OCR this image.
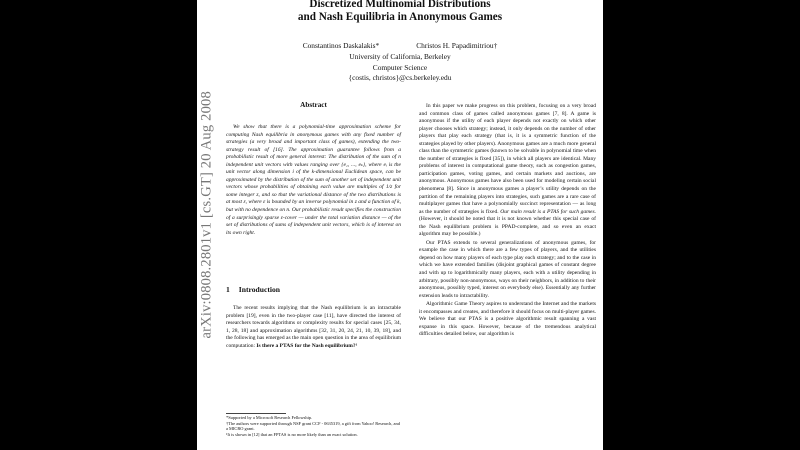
arXiv:0808.2801v1 [cs.GT] 20 Aug 2008
Discretized Multinomial Distributions
and Nash Equilibria in Anonymous Games
Constantinos Daskalakis*                    Christos H. Papadimitriou†
University of California, Berkeley
Computer Science
{costis, christos}@cs.berkeley.edu
Abstract

We show that there is a polynomial-time approximation scheme for computing Nash equilibria in anonymous games with any fixed number of strategies (a very broad and important class of games), extending the two-strategy result of [16]. The approximation guarantee follows from a probabilistic result of more general interest: The distribution of the sum of n independent unit vectors with values ranging over {e₁, ..., eₖ}, where eᵢ is the unit vector along dimension i of the k-dimensional Euclidean space, can be approximated by the distribution of the sum of another set of independent unit vectors whose probabilities of obtaining each value are multiples of 1/z for some integer z, and so that the variational distance of the two distributions is at most ε, where ε is bounded by an inverse polynomial in z and a function of k, but with no dependence on n. Our probabilistic result specifies the construction of a surprisingly sparse ε-cover — under the total variation distance — of the set of distributions of sums of independent unit vectors, which is of interest on its own right.

1 Introduction

The recent results implying that the Nash equilibrium is an intractable problem [19], even in the two-player case [11], have directed the interest of researchers towards algorithms or complexity results for special cases [25, 34, 1, 28, 18] and approximation algorithms [32, 31, 20, 24, 21, 10, 39, 18], and the following has emerged as the main open question in the area of equilibrium computation: Is there a PTAS for the Nash equilibrium?¹

*Supported by a Microsoft Research Fellowship.
†The authors were supported through NSF grant CCF - 0635319, a gift from Yahoo! Research, and a MICRO grant.
¹It is shown in [12] that an FPTAS is no more likely than an exact solution.

In this paper we make progress on this problem, focusing on a very broad and common class of games called anonymous games [7, 8]. A game is anonymous if the utility of each player depends not exactly on which other player chooses which strategy; instead, it only depends on the number of other players that play each strategy (that is, it is a symmetric function of the strategies played by other players). Anonymous games are a much more general class than the symmetric games (known to be solvable in polynomial time when the number of strategies is fixed [35]), in which all players are identical. Many problems of interest in computational game theory, such as congestion games, participation games, voting games, and certain markets and auctions, are anonymous. Anonymous games have also been used for modeling certain social phenomena [8]. Since in anonymous games a player’s utility depends on the partition of the remaining players into strategies, such games are a rare case of multiplayer games that have a polynomially succinct representation — as long as the number of strategies is fixed. Our main result is a PTAS for such games. (However, it should be noted that it is not known whether this special case of the Nash equilibrium problem is PPAD-complete, and so even an exact algorithm may be possible.)

Our PTAS extends to several generalizations of anonymous games, for example the case in which there are a few types of players, and the utilities depend on how many players of each type play each strategy; and to the case in which we have extended families (disjoint graphical games of constant degree and with up to logarithmically many players, each with a utility depending in arbitrary, possibly non-anonymous, ways on their neighbors, in addition to their anonymous, possibly typed, interest on everybody else). Essentially any further extension leads to intractability.

Algorithmic Game Theory aspires to understand the Internet and the markets it encompasses and creates, and therefore it should focus on multi-player games. We believe that our PTAS is a positive algorithmic result spanning a vast expanse in this space. However, because of the tremendous analytical difficulties detailed below, our algorithm is
